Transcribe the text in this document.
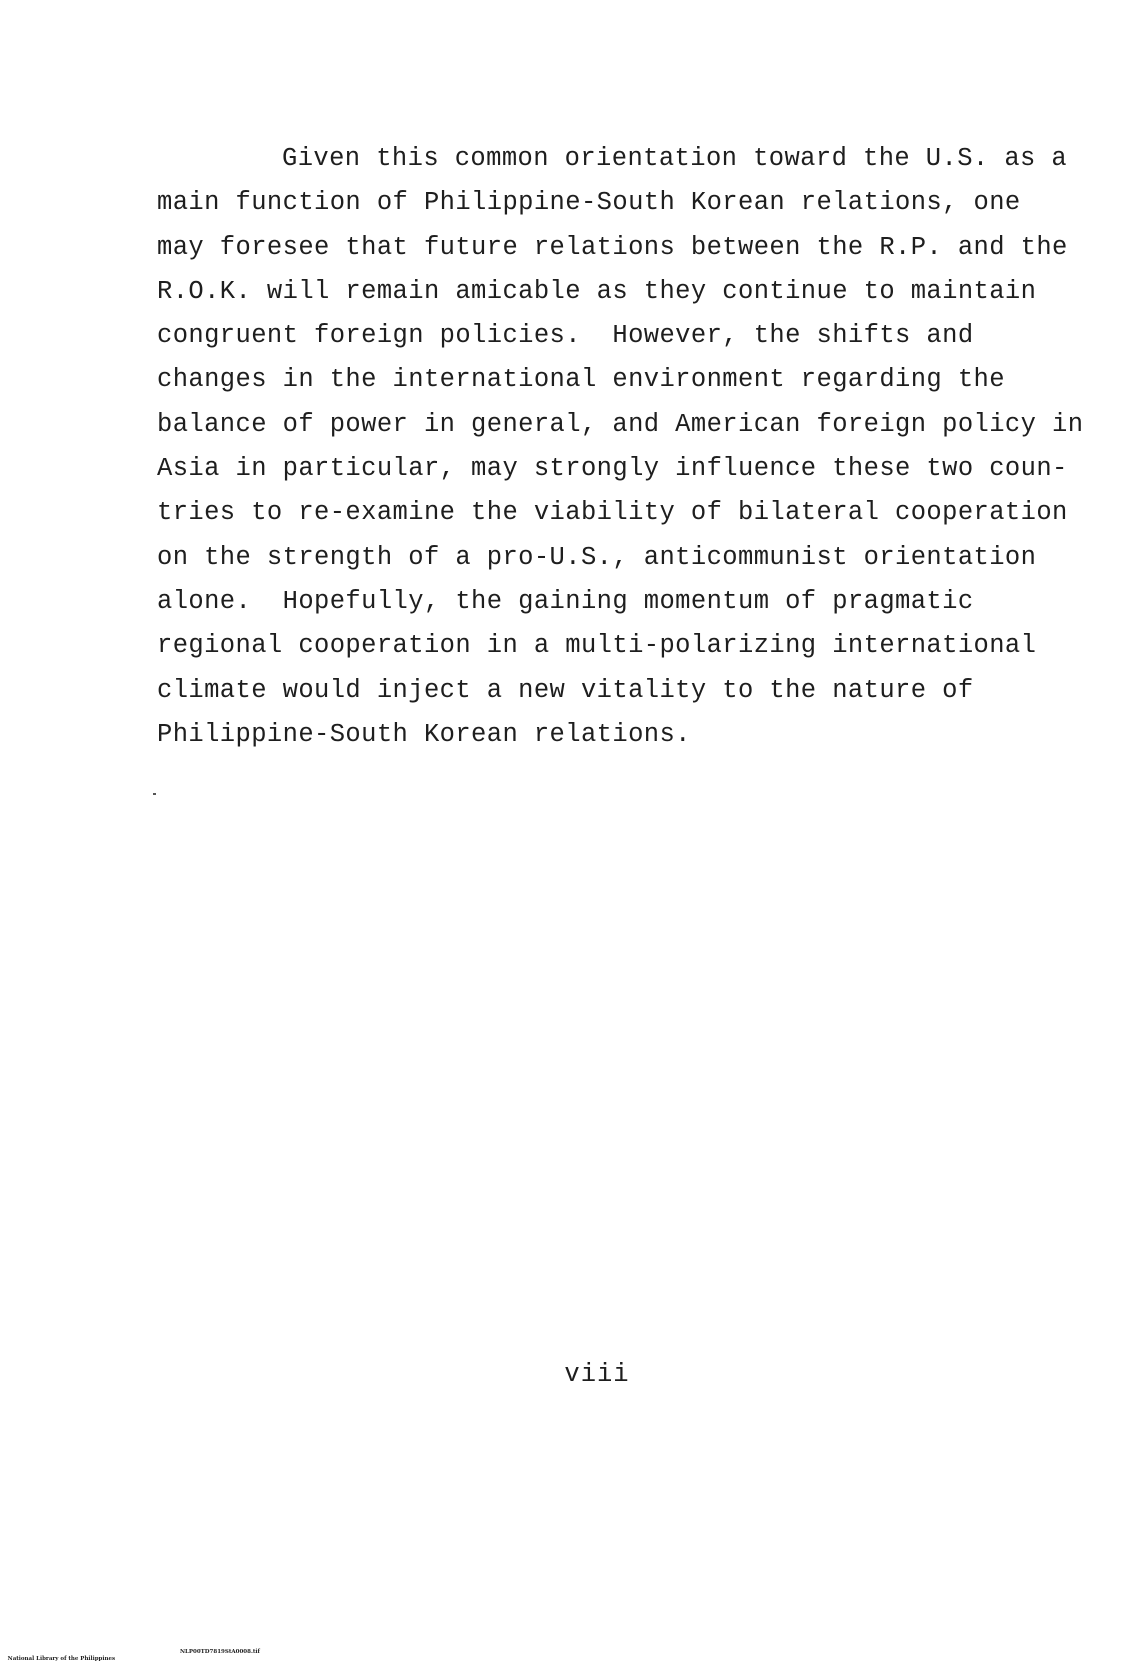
Given this common orientation toward the U.S. as a
main function of Philippine-South Korean relations, one
may foresee that future relations between the R.P. and the
R.O.K. will remain amicable as they continue to maintain
congruent foreign policies.  However, the shifts and
changes in the international environment regarding the
balance of power in general, and American foreign policy in
Asia in particular, may strongly influence these two coun-
tries to re-examine the viability of bilateral cooperation
on the strength of a pro-U.S., anticommunist orientation
alone.  Hopefully, the gaining momentum of pragmatic
regional cooperation in a multi-polarizing international
climate would inject a new vitality to the nature of
Philippine-South Korean relations.
viii

National Library of the Philippines

NLP00TD7819StA0008.tif
